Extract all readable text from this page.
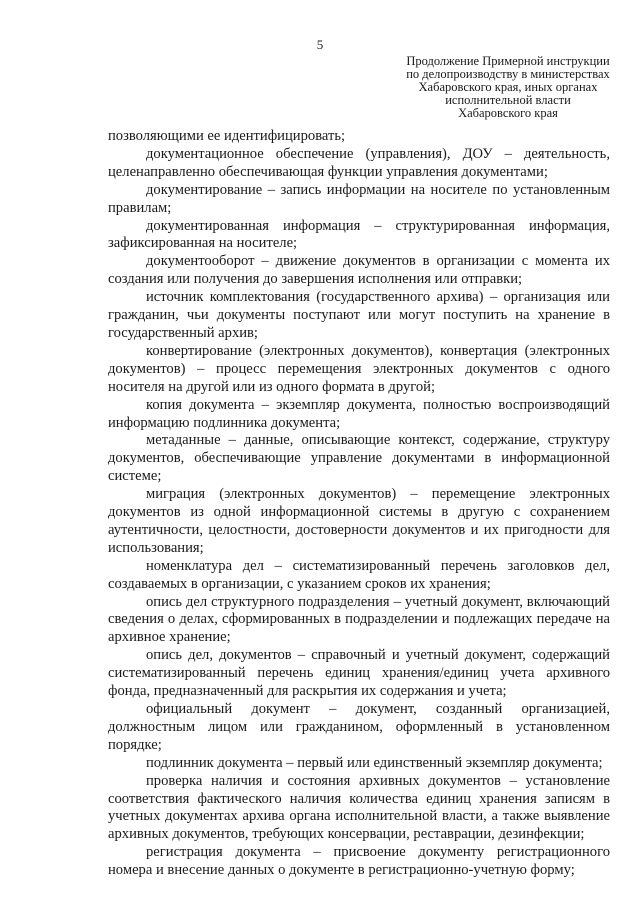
5
Продолжение Примерной инструкции
по делопроизводству в министерствах
Хабаровского края, иных органах
исполнительной власти
Хабаровского края

позволяющими ее идентифицировать;

документационное обеспечение (управления), ДОУ – деятельность, целенаправленно обеспечивающая функции управления документами;

документирование – запись информации на носителе по установленным правилам;

документированная информация – структурированная информация, зафиксированная на носителе;

документооборот – движение документов в организации с момента их создания или получения до завершения исполнения или отправки;

источник комплектования (государственного архива) – организация или гражданин, чьи документы поступают или могут поступить на хранение в государственный архив;

конвертирование (электронных документов), конвертация (электронных документов) – процесс перемещения электронных документов с одного носителя на другой или из одного формата в другой;

копия документа – экземпляр документа, полностью воспроизводящий информацию подлинника документа;

метаданные – данные, описывающие контекст, содержание, структуру документов, обеспечивающие управление документами в информационной системе;

миграция (электронных документов) – перемещение электронных документов из одной информационной системы в другую с сохранением аутентичности, целостности, достоверности документов и их пригодности для использования;

номенклатура дел – систематизированный перечень заголовков дел, создаваемых в организации, с указанием сроков их хранения;

опись дел структурного подразделения – учетный документ, включающий сведения о делах, сформированных в подразделении и подлежащих передаче на архивное хранение;

опись дел, документов – справочный и учетный документ, содержащий систематизированный перечень единиц хранения/единиц учета архивного фонда, предназначенный для раскрытия их содержания и учета;

официальный документ – документ, созданный организацией, должностным лицом или гражданином, оформленный в установленном порядке;

подлинник документа – первый или единственный экземпляр документа;

проверка наличия и состояния архивных документов – установление соответствия фактического наличия количества единиц хранения записям в учетных документах архива органа исполнительной власти, а также выявление архивных документов, требующих консервации, реставрации, дезинфекции;

регистрация документа – присвоение документу регистрационного номера и внесение данных о документе в регистрационно-учетную форму;
